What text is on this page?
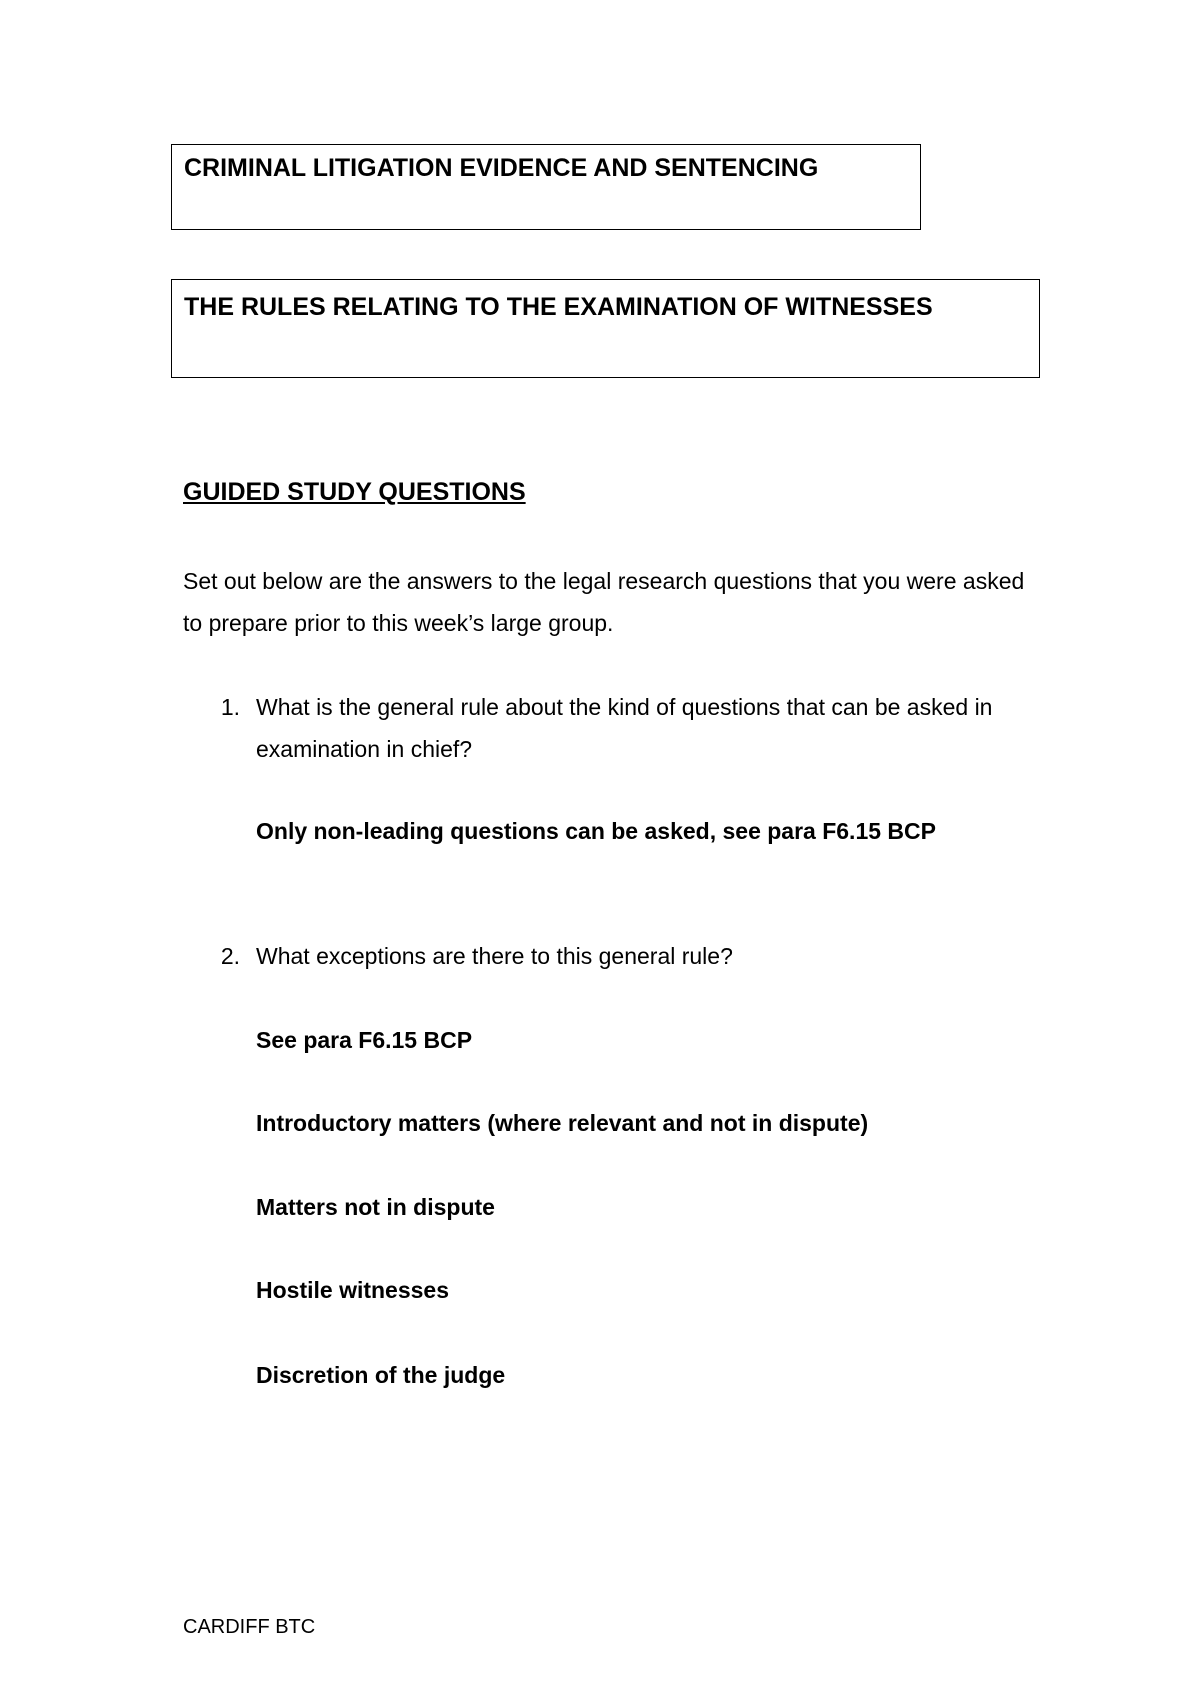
CRIMINAL LITIGATION EVIDENCE AND SENTENCING
THE RULES RELATING TO THE EXAMINATION OF WITNESSES
GUIDED STUDY QUESTIONS
Set out below are the answers to the legal research questions that you were asked to prepare prior to this week’s large group.
1. What is the general rule about the kind of questions that can be asked in examination in chief?
Only non-leading questions can be asked, see para F6.15 BCP
2. What exceptions are there to this general rule?
See para F6.15 BCP
Introductory matters (where relevant and not in dispute)
Matters not in dispute
Hostile witnesses
Discretion of the judge
CARDIFF BTC
